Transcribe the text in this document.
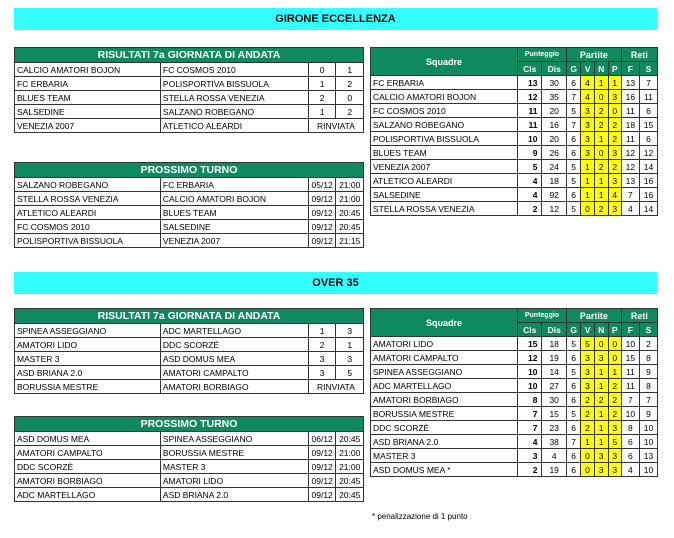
GIRONE ECCELLENZA
RISULTATI 7a GIORNATA DI ANDATA			
CALCIO AMATORI BOJON	FC COSMOS 2010	0	1
FC ERBARIA	POLISPORTIVA BISSUOLA	1	2
BLUES TEAM	STELLA ROSSA VENEZIA	2	0
SALSEDINE	SALZANO ROBEGANO	1	2
VENEZIA 2007	ATLETICO ALEARDI	RINVIATA	
PROSSIMO TURNO			
SALZANO ROBEGANO	FC ERBARIA	05/12	21:00
STELLA ROSSA VENEZIA	CALCIO AMATORI BOJON	09/12	21:00
ATLETICO ALEARDI	BLUES TEAM	09/12	20:45
FC COSMOS 2010	SALSEDINE	09/12	20:45
POLISPORTIVA BISSUOLA	VENEZIA 2007	09/12	21:15
Squadre	Punteggio		Partite				Reti	
	Cls	Dis	G	V	N	P	F	S
FC ERBARIA	13	30	6	4	1	1	13	7
CALCIO AMATORI BOJON	12	35	7	4	0	3	16	11
FC COSMOS 2010	11	20	5	3	2	0	11	6
SALZANO ROBEGANO	11	16	7	3	2	2	18	15
POLISPORTIVA BISSUOLA	10	20	6	3	1	2	11	6
BLUES TEAM	9	26	6	3	0	3	12	12
VENEZIA 2007	5	24	5	1	2	2	12	14
ATLETICO ALEARDI	4	18	5	1	1	3	13	16
SALSEDINE	4	92	6	1	1	4	7	16
STELLA ROSSA VENEZIA	2	12	5	0	2	3	4	14
OVER 35
RISULTATI 7a GIORNATA DI ANDATA			
SPINEA ASSEGGIANO	ADC MARTELLAGO	1	3
AMATORI LIDO	DDC SCORZÈ	2	1
MASTER 3	ASD DOMUS MEA	3	3
ASD BRIANA 2.0	AMATORI CAMPALTO	3	5
BORUSSIA MESTRE	AMATORI BORBIAGO	RINVIATA	
PROSSIMO TURNO			
ASD DOMUS MEA	SPINEA ASSEGGIANO	06/12	20:45
AMATORI CAMPALTO	BORUSSIA MESTRE	09/12	21:00
DDC SCORZÈ	MASTER 3	09/12	21:00
AMATORI BORBIAGO	AMATORI LIDO	09/12	20:45
ADC MARTELLAGO	ASD BRIANA 2.0	09/12	20:45
Squadre	Punteggio		Partite				Reti	
	Cls	Dis	G	V	N	P	F	S
AMATORI LIDO	15	18	5	5	0	0	10	2
AMATORI CAMPALTO	12	19	6	3	3	0	15	8
SPINEA ASSEGGIANO	10	14	5	3	1	1	11	9
ADC MARTELLAGO	10	27	6	3	1	2	11	8
AMATORI BORBIAGO	8	30	6	2	2	2	7	7
BORUSSIA MESTRE	7	15	5	2	1	2	10	9
DDC SCORZÈ	7	23	6	2	1	3	8	10
ASD BRIANA 2.0	4	38	7	1	1	5	6	10
MASTER 3	3	4	6	0	3	3	6	13
ASD DOMUS MEA *	2	19	6	0	3	3	4	10
* penalizzazione di 1 punto
